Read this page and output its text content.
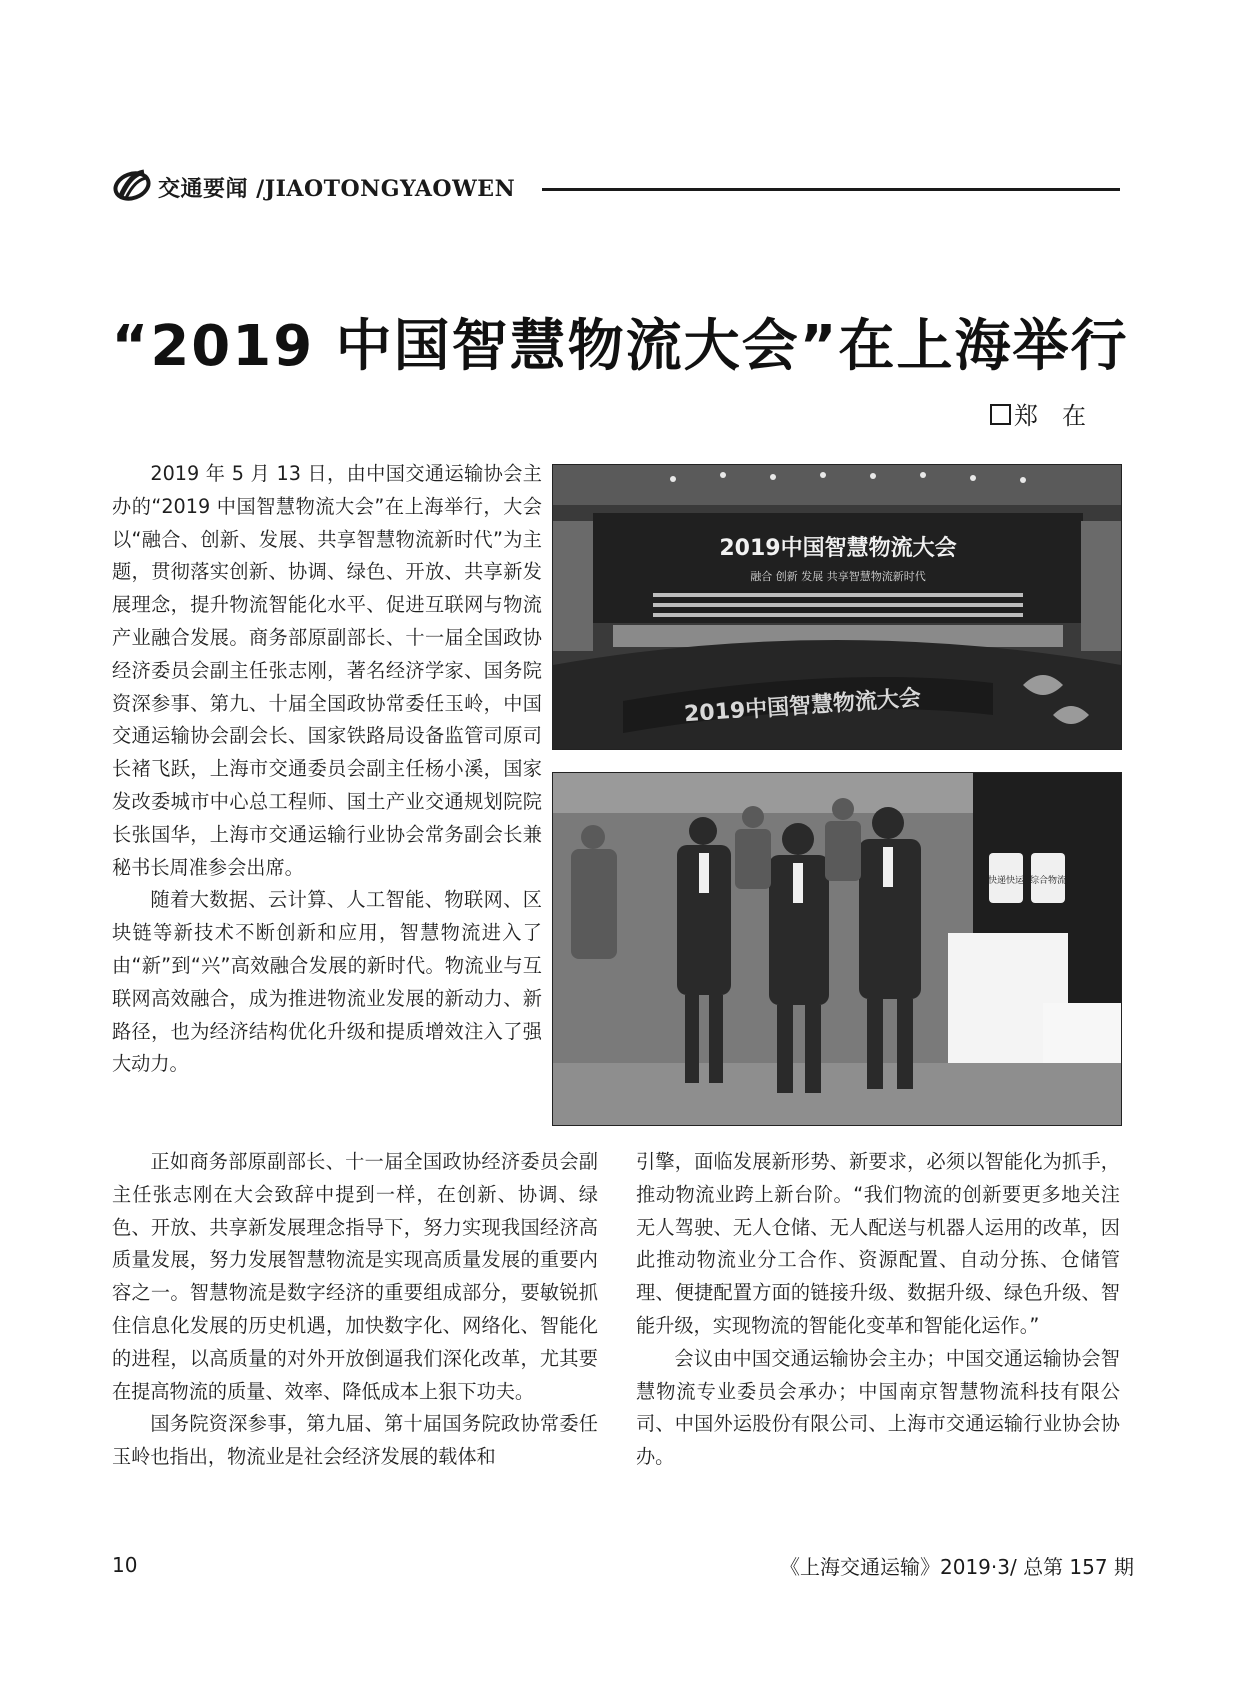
交通要闻 /JIAOTONGYAOWEN
“2019 中国智慧物流大会”在上海举行
郑　在

2019 年 5 月 13 日，由中国交通运输协会主办的“2019 中国智慧物流大会”在上海举行，大会以“融合、创新、发展、共享智慧物流新时代”为主题，贯彻落实创新、协调、绿色、开放、共享新发展理念，提升物流智能化水平、促进互联网与物流产业融合发展。商务部原副部长、十一届全国政协经济委员会副主任张志刚，著名经济学家、国务院资深参事、第九、十届全国政协常委任玉岭，中国交通运输协会副会长、国家铁路局设备监管司原司长褚飞跃，上海市交通委员会副主任杨小溪，国家发改委城市中心总工程师、国土产业交通规划院院长张国华，上海市交通运输行业协会常务副会长兼秘书长周准参会出席。

随着大数据、云计算、人工智能、物联网、区块链等新技术不断创新和应用，智慧物流进入了由“新”到“兴”高效融合发展的新时代。物流业与互联网高效融合，成为推进物流业发展的新动力、新路径，也为经济结构优化升级和提质增效注入了强大动力。

2019中国智慧物流大会
融合 创新 发展 共享智慧物流新时代
2019中国智慧物流大会
快递快运 综合物流

正如商务部原副部长、十一届全国政协经济委员会副主任张志刚在大会致辞中提到一样，在创新、协调、绿色、开放、共享新发展理念指导下，努力实现我国经济高质量发展，努力发展智慧物流是实现高质量发展的重要内容之一。智慧物流是数字经济的重要组成部分，要敏锐抓住信息化发展的历史机遇，加快数字化、网络化、智能化的进程，以高质量的对外开放倒逼我们深化改革，尤其要在提高物流的质量、效率、降低成本上狠下功夫。

国务院资深参事，第九届、第十届国务院政协常委任玉岭也指出，物流业是社会经济发展的载体和

引擎，面临发展新形势、新要求，必须以智能化为抓手，推动物流业跨上新台阶。“我们物流的创新要更多地关注无人驾驶、无人仓储、无人配送与机器人运用的改革，因此推动物流业分工合作、资源配置、自动分拣、仓储管理、便捷配置方面的链接升级、数据升级、绿色升级、智能升级，实现物流的智能化变革和智能化运作。”

会议由中国交通运输协会主办；中国交通运输协会智慧物流专业委员会承办；中国南京智慧物流科技有限公司、中国外运股份有限公司、上海市交通运输行业协会协办。

10	《上海交通运输》2019·3/ 总第 157 期
